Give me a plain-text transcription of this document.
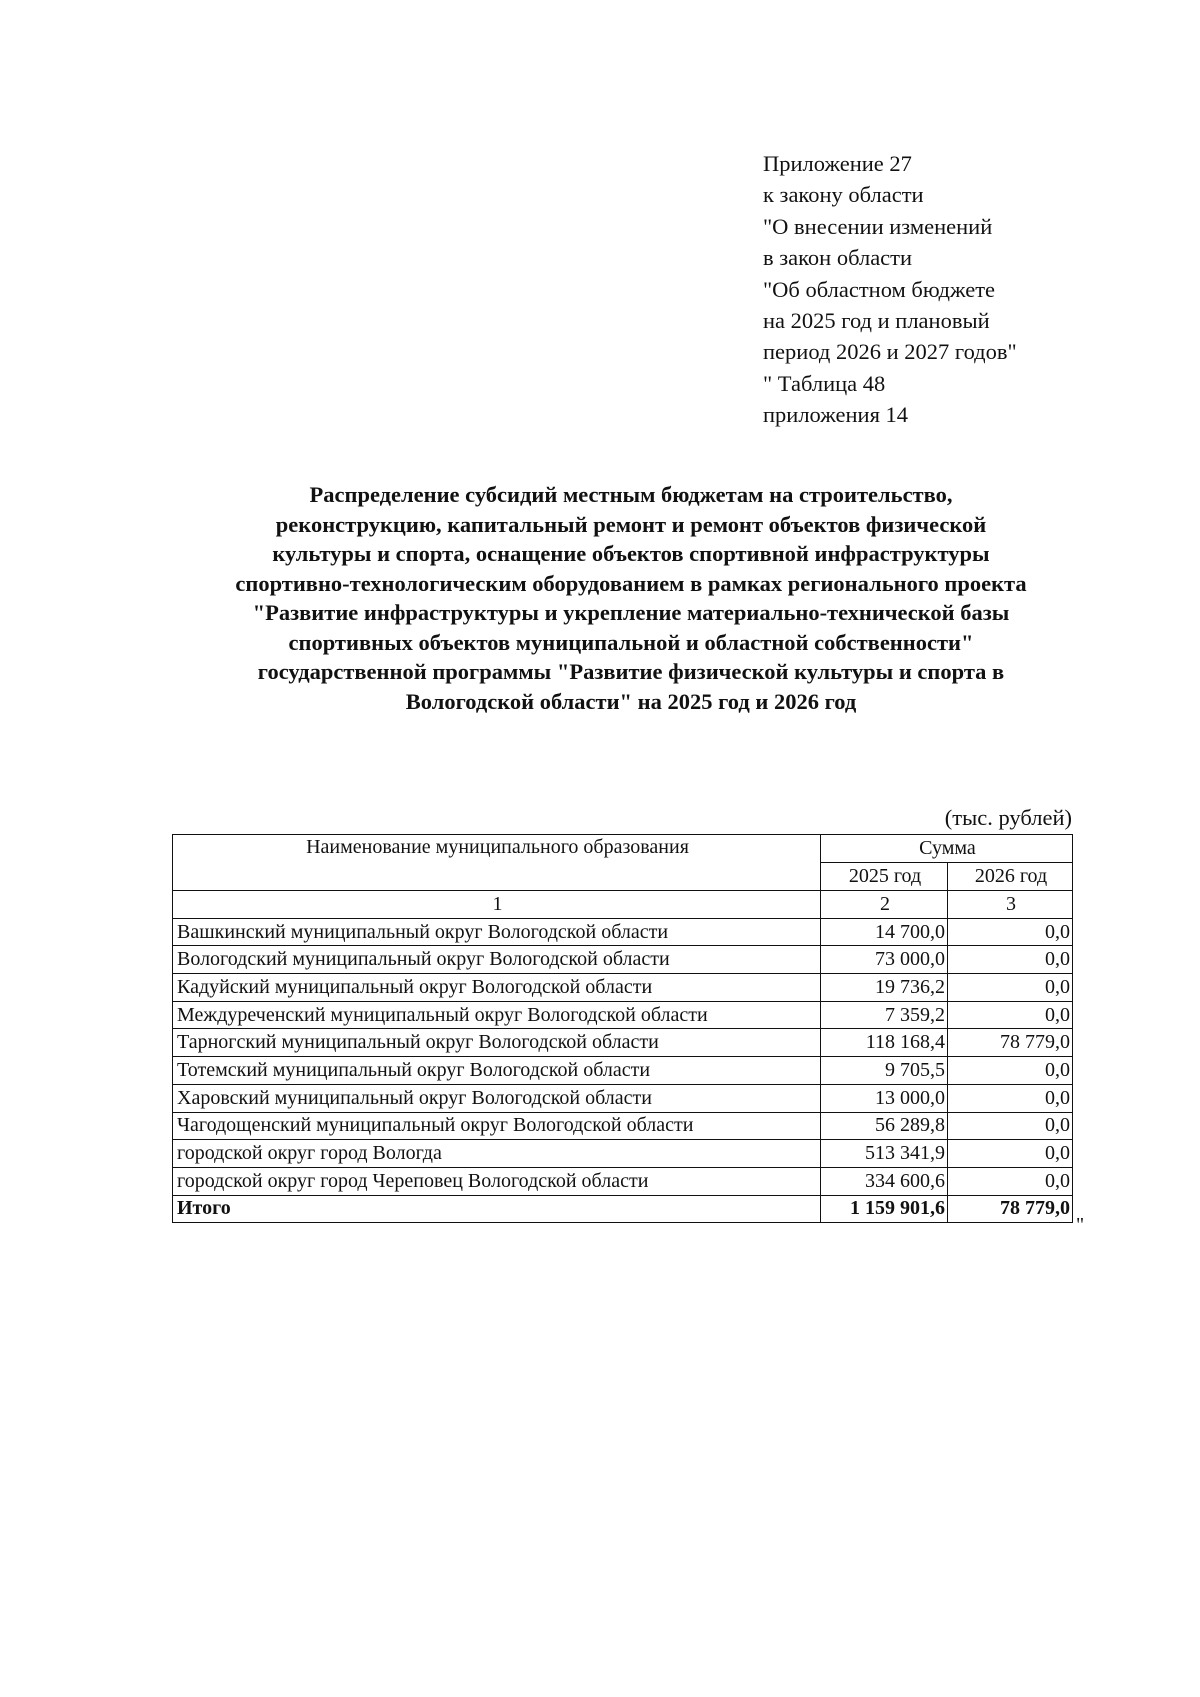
Приложение 27
к закону области
"О внесении изменений
в закон области
"Об областном бюджете
на 2025 год и плановый
период 2026 и 2027 годов"
" Таблица 48
приложения 14
Распределение субсидий местным бюджетам на строительство,
реконструкцию, капитальный ремонт и ремонт объектов физической
культуры и спорта, оснащение объектов спортивной инфраструктуры
спортивно-технологическим оборудованием в рамках регионального проекта
"Развитие инфраструктуры и укрепление материально-технической базы
спортивных объектов муниципальной и областной собственности"
государственной программы "Развитие физической культуры и спорта в
Вологодской области" на 2025 год и 2026 год
(тыс. рублей)
Наименование муниципального образования	Сумма	
	2025 год	2026 год
1	2	3
Вашкинский муниципальный округ Вологодской области	14 700,0	0,0
Вологодский муниципальный округ Вологодской области	73 000,0	0,0
Кадуйский муниципальный округ Вологодской области	19 736,2	0,0
Междуреченский муниципальный округ Вологодской области	7 359,2	0,0
Тарногский муниципальный округ Вологодской области	118 168,4	78 779,0
Тотемский муниципальный округ Вологодской области	9 705,5	0,0
Харовский муниципальный округ Вологодской области	13 000,0	0,0
Чагодощенский муниципальный округ Вологодской области	56 289,8	0,0
городской округ город Вологда	513 341,9	0,0
городской округ город Череповец Вологодской области	334 600,6	0,0
Итого	1 159 901,6	78 779,0
"
